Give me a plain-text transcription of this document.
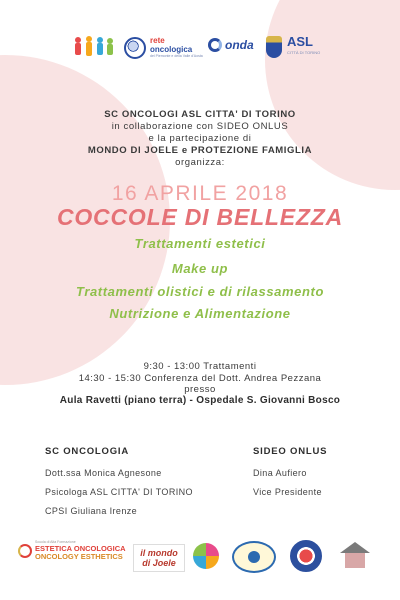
rete
oncologica
del Piemonte e della Valle d'Aosta
onda	ASL
CITTÀ DI TORINO
SC ONCOLOGI ASL CITTA' DI TORINO
in collaborazione con SIDEO ONLUS
e la partecipazione di
MONDO DI JOELE e PROTEZIONE FAMIGLIA
organizza:
16 APRILE 2018
COCCOLE DI BELLEZZA
Trattamenti estetici
Make up
Trattamenti olistici e di rilassamento
Nutrizione e Alimentazione
9:30 - 13:00 Trattamenti
14:30 - 15:30 Conferenza del Dott. Andrea Pezzana
presso
Aula Ravetti (piano terra) - Ospedale S. Giovanni Bosco
SC ONCOLOGIA
Dott.ssa Monica Agnesone
Psicologa ASL CITTA' DI TORINO
CPSI Giuliana Irenze
SIDEO ONLUS
Dina Aufiero
Vice Presidente
Scuola di Alta Formazione
ESTETICA ONCOLOGICA
ONCOLOGY ESTHETICS	il mondo
di Joele
